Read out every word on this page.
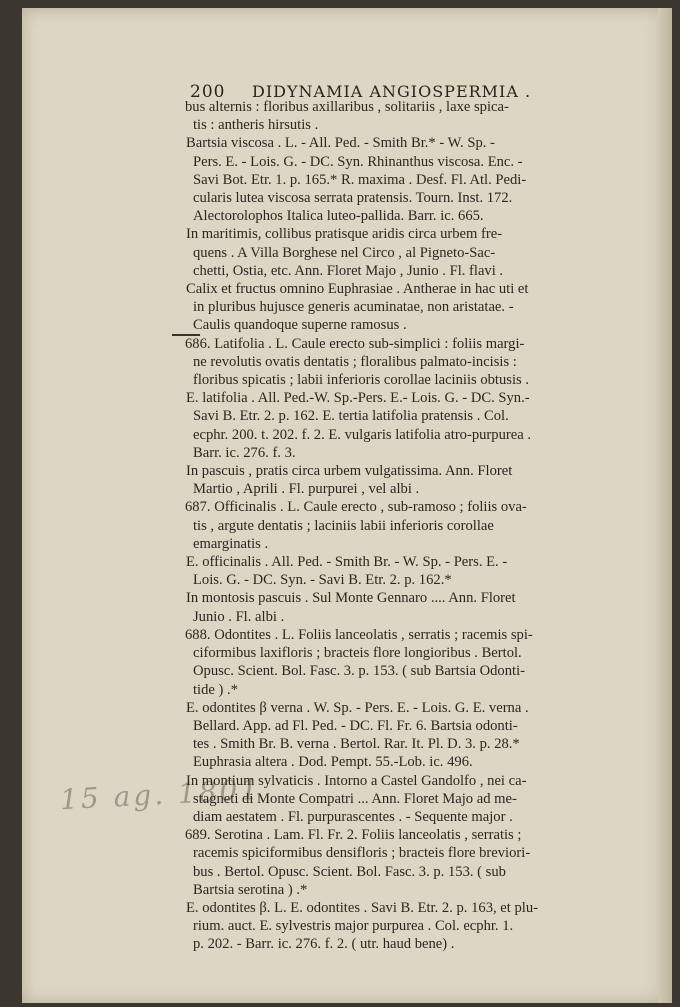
200 DIDYNAMIA ANGIOSPERMIA .
15 ag. 1801

bus alternis : floribus axillaribus , solitariis , laxe spica-

tis : antheris hirsutis .

Bartsia viscosa . L. - All. Ped. - Smith Br.* - W. Sp. -

Pers. E. - Lois. G. - DC. Syn. Rhinanthus viscosa. Enc. -

Savi Bot. Etr. 1. p. 165.* R. maxima . Desf. Fl. Atl. Pedi-

cularis lutea viscosa serrata pratensis. Tourn. Inst. 172.

Alectorolophos Italica luteo-pallida. Barr. ic. 665.

In maritimis, collibus pratisque aridis circa urbem fre-

quens . A Villa Borghese nel Circo , al Pigneto-Sac-

chetti, Ostia, etc. Ann. Floret Majo , Junio . Fl. flavi .

Calix et fructus omnino Euphrasiae . Antherae in hac uti et

in pluribus hujusce generis acuminatae, non aristatae. -

Caulis quandoque superne ramosus .

686. Latifolia . L. Caule erecto sub-simplici : foliis margi-

ne revolutis ovatis dentatis ; floralibus palmato-incisis :

floribus spicatis ; labii inferioris corollae laciniis obtusis .

E. latifolia . All. Ped.-W. Sp.-Pers. E.- Lois. G. - DC. Syn.-

Savi B. Etr. 2. p. 162. E. tertia latifolia pratensis . Col.

ecphr. 200. t. 202. f. 2. E. vulgaris latifolia atro-purpurea .

Barr. ic. 276. f. 3.

In pascuis , pratis circa urbem vulgatissima. Ann. Floret

Martio , Aprili . Fl. purpurei , vel albi .

687. Officinalis . L. Caule erecto , sub-ramoso ; foliis ova-

tis , argute dentatis ; laciniis labii inferioris corollae

emarginatis .

E. officinalis . All. Ped. - Smith Br. - W. Sp. - Pers. E. -

Lois. G. - DC. Syn. - Savi B. Etr. 2. p. 162.*

In montosis pascuis . Sul Monte Gennaro .... Ann. Floret

Junio . Fl. albi .

688. Odontites . L. Foliis lanceolatis , serratis ; racemis spi-

ciformibus laxifloris ; bracteis flore longioribus . Bertol.

Opusc. Scient. Bol. Fasc. 3. p. 153. ( sub Bartsia Odonti-

tide ) .*

E. odontites β verna . W. Sp. - Pers. E. - Lois. G. E. verna .

Bellard. App. ad Fl. Ped. - DC. Fl. Fr. 6. Bartsia odonti-

tes . Smith Br. B. verna . Bertol. Rar. It. Pl. D. 3. p. 28.*

Euphrasia altera . Dod. Pempt. 55.-Lob. ic. 496.

In montium sylvaticis . Intorno a Castel Gandolfo , nei ca-

stagneti di Monte Compatri ... Ann. Floret Majo ad me-

diam aestatem . Fl. purpurascentes . - Sequente major .

689. Serotina . Lam. Fl. Fr. 2. Foliis lanceolatis , serratis ;

racemis spiciformibus densifloris ; bracteis flore breviori-

bus . Bertol. Opusc. Scient. Bol. Fasc. 3. p. 153. ( sub

Bartsia serotina ) .*

E. odontites β. L. E. odontites . Savi B. Etr. 2. p. 163, et plu-

rium. auct. E. sylvestris major purpurea . Col. ecphr. 1.

p. 202. - Barr. ic. 276. f. 2. ( utr. haud bene) .
